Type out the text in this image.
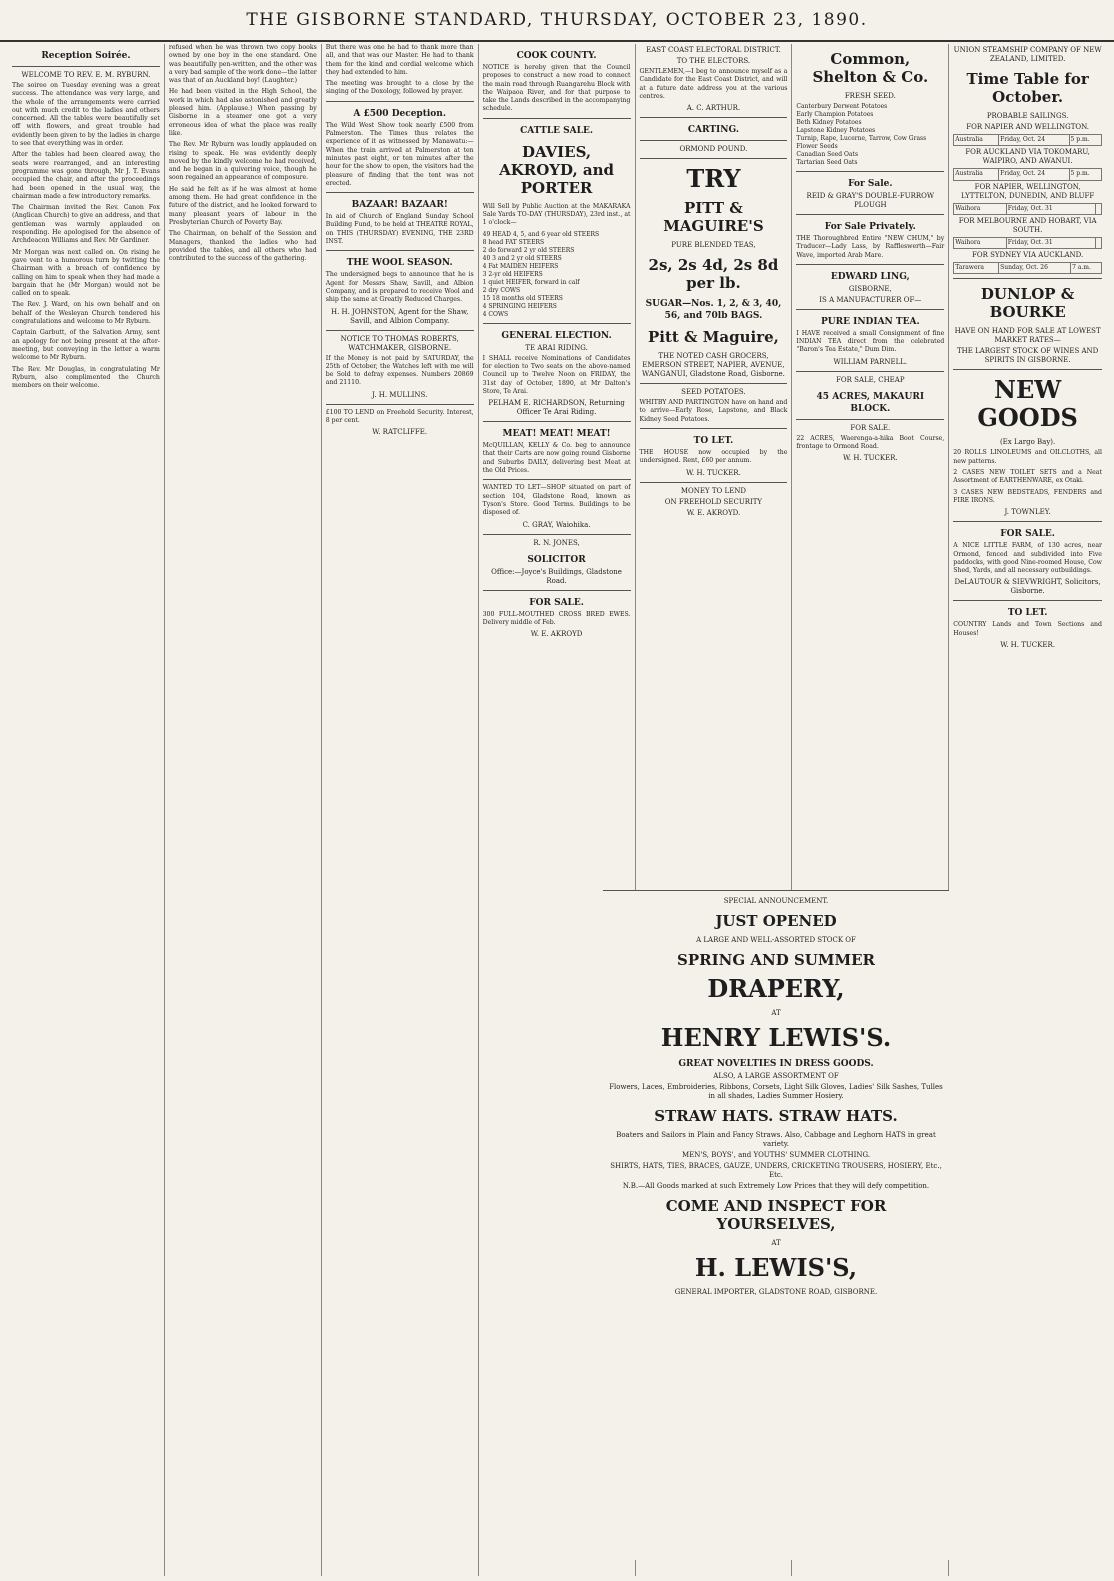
THE GISBORNE STANDARD, THURSDAY, OCTOBER 23, 1890.
Reception Soirée.
WELCOME TO REV. E. M. RYBURN.
The soiree on Tuesday evening was a great success. The attendance was very large, and the whole of the arrangements were carried out with much credit to the ladies and others concerned. All the tables were beautifully set off with flowers, and great trouble had evidently been given to by the ladies in charge to see that everything was in order.
After the tables had been cleared away, the seats were rearranged, and an interesting programme was gone through, Mr J. T. Evans occupied the chair, and after the proceedings had been opened in the usual way, the chairman made a few introductory remarks.
The Chairman invited the Rev. Canon Fox (Anglican Church) to give an address, and that gentleman was warmly applauded on responding. He apologised for the absence of Archdeacon Williams and Rev. Mr Gardiner.
Mr Morgan was next called on. On rising he gave vent to a humorous turn by twitting the Chairman with a breach of confidence by calling on him to speak when they had made a bargain that he (Mr Morgan) would not be called on to speak.
The Rev. J. Ward, on his own behalf and on behalf of the Wesleyan Church tendered his congratulations and welcome to Mr Ryburn.
Captain Garbutt, of the Salvation Army, sent an apology for not being present at the after-meeting, but conveying in the letter a warm welcome to Mr Ryburn.
The Rev. Mr Douglas, in congratulating Mr Ryburn, also complimented the Church members on their welcome.
refused when he was thrown two copy books owned by one boy in the one standard. One was beautifully pen-written, and the other was a very bad sample of the work done—the latter was that of an Auckland boy! (Laughter.)
He had been visited in the High School, the work in which had also astonished and greatly pleased him. (Applause.) When passing by Gisborne in a steamer one got a very erroneous idea of what the place was really like.
The Rev. Mr Ryburn was loudly applauded on rising to speak. He was evidently deeply moved by the kindly welcome he had received, and he began in a quivering voice, though he soon regained an appearance of composure.
He said he felt as if he was almost at home among them. He had great confidence in the future of the district, and he looked forward to many pleasant years of labour in the Presbyterian Church of Poverty Bay.
The Chairman, on behalf of the Session and Managers, thanked the ladies who had provided the tables, and all others who had contributed to the success of the gathering.
But there was one he had to thank more than all, and that was our Master. He had to thank them for the kind and cordial welcome which they had extended to him.
The meeting was brought to a close by the singing of the Doxology, followed by prayer.
A £500 Deception.
The Wild West Show took nearly £500 from Palmerston. The Times thus relates the experience of it as witnessed by Manawatu:—When the train arrived at Palmerston at ten minutes past eight, or ten minutes after the hour for the show to open, the visitors had the pleasure of finding that the tent was not erected.
BAZAAR! BAZAAR!
In aid of Church of England Sunday School Building Fund, to be held at THEATRE ROYAL, on THIS (THURSDAY) EVENING, THE 23RD INST.
THE WOOL SEASON.
The undersigned begs to announce that he is Agent for Messrs Shaw, Savill, and Albion Company, and is prepared to receive Wool and ship the same at Greatly Reduced Charges.
H. H. JOHNSTON, Agent for the Shaw, Savill, and Albion Company.
NOTICE TO THOMAS ROBERTS, WATCHMAKER, GISBORNE.
If the Money is not paid by SATURDAY, the 25th of October, the Watches left with me will be Sold to defray expenses. Numbers 20869 and 21110.
J. H. MULLINS.
£100 TO LEND on Freehold Security. Interest, 8 per cent.
W. RATCLIFFE.
COOK COUNTY.
NOTICE is hereby given that the Council proposes to construct a new road to connect the main road through Ruangarehu Block with the Waipaoa River, and for that purpose to take the Lands described in the accompanying schedule.
CATTLE SALE.
DAVIES, AKROYD, and PORTER
Will Sell by Public Auction at the MAKARAKA Sale Yards TO-DAY (THURSDAY), 23rd inst., at 1 o'clock—
49 HEAD 4, 5, and 6 year old STEERS
8 head FAT STEERS
2 do forward 2 yr old STEERS
40 3 and 2 yr old STEERS
4 Fat MAIDEN HEIFERS
3 2-yr old HEIFERS
1 quiet HEIFER, forward in calf
2 dry COWS
15 18 months old STEERS
4 SPRINGING HEIFERS
4 COWS
GENERAL ELECTION.
TE ARAI RIDING.
I SHALL receive Nominations of Candidates for election to Two seats on the above-named Council up to Twelve Noon on FRIDAY, the 31st day of October, 1890, at Mr Dalton's Store, Te Arai.
PELHAM E. RICHARDSON, Returning Officer Te Arai Riding.
MEAT! MEAT! MEAT!
McQUILLAN, KELLY & Co. beg to announce that their Carts are now going round Gisborne and Suburbs DAILY, delivering best Meat at the Old Prices.
WANTED TO LET—SHOP situated on part of section 104, Gladstone Road, known as Tyson's Store. Good Terms. Buildings to be disposed of.
C. GRAY, Waiohika.
R. N. JONES,
SOLICITOR
Office:—Joyce's Buildings, Gladstone Road.
FOR SALE.
300 FULL-MOUTHED CROSS BRED EWES. Delivery middle of Feb.
W. E. AKROYD
EAST COAST ELECTORAL DISTRICT.
TO THE ELECTORS.
GENTLEMEN,—I beg to announce myself as a Candidate for the East Coast District, and will at a future date address you at the various centres.
A. C. ARTHUR.
CARTING.
ORMOND POUND.
TRY
PITT & MAGUIRE'S
PURE BLENDED TEAS,
2s, 2s 4d, 2s 8d per lb.
SUGAR—Nos. 1, 2, & 3, 40, 56, and 70lb BAGS.
Pitt & Maguire,
THE NOTED CASH GROCERS, EMERSON STREET, NAPIER, AVENUE, WANGANUI, Gladstone Road, Gisborne.
SEED POTATOES.
WHITBY AND PARTINGTON have on hand and to arrive—Early Rose, Lapstone, and Black Kidney Seed Potatoes.
TO LET.
THE HOUSE now occupied by the undersigned. Rent, £60 per annum.
W. H. TUCKER.
MONEY TO LEND
ON FREEHOLD SECURITY
W. E. AKROYD.
Common, Shelton & Co.
FRESH SEED.
Canterbury Derwent Potatoes
Early Champion Potatoes
Beth Kidney Potatoes
Lapstone Kidney Potatoes
Turnip, Rape, Lucerne, Tarrow, Cow Grass
Flower Seeds
Canadian Seed Oats
Tartarian Seed Oats
For Sale.
REID & GRAY'S DOUBLE-FURROW PLOUGH
For Sale Privately.
THE Thoroughbred Entire "NEW CHUM," by Traducer—Lady Lass, by Raffleswerth—Fair Wave, imported Arab Mare.
EDWARD LING,
GISBORNE,
IS A MANUFACTURER OF—
PURE INDIAN TEA.
I HAVE received a small Consignment of fine INDIAN TEA direct from the celebrated "Baron's Tea Estate," Dum Dim.
WILLIAM PARNELL.
FOR SALE, CHEAP
45 ACRES, MAKAURI BLOCK.
FOR SALE.
22 ACRES, Waerenga-a-hika Boot Course, frontage to Ormond Road.
W. H. TUCKER.
UNION STEAMSHIP COMPANY OF NEW ZEALAND, LIMITED.
Time Table for October.
PROBABLE SAILINGS.
FOR NAPIER AND WELLINGTON.
Australia	Friday, Oct. 24	5 p.m.
FOR AUCKLAND VIA TOKOMARU, WAIPIRO, AND AWANUI.
Australia	Friday, Oct. 24	5 p.m.
FOR NAPIER, WELLINGTON, LYTTELTON, DUNEDIN, AND BLUFF
Waihora	Friday, Oct. 31	
FOR MELBOURNE AND HOBART, VIA SOUTH.
Waihora	Friday, Oct. 31	
FOR SYDNEY VIA AUCKLAND.
Tarawera	Sunday, Oct. 26	7 a.m.
DUNLOP & BOURKE
HAVE ON HAND FOR SALE AT LOWEST MARKET RATES—
THE LARGEST STOCK OF WINES AND SPIRITS IN GISBORNE.
NEW GOODS
(Ex Largo Bay).
20 ROLLS LINOLEUMS and OILCLOTHS, all new patterns.
2 CASES NEW TOILET SETS and a Neat Assortment of EARTHENWARE, ex Otaki.
3 CASES NEW BEDSTEADS, FENDERS and FIRE IRONS.
J. TOWNLEY.
FOR SALE.
A NICE LITTLE FARM, of 130 acres, near Ormond, fenced and subdivided into Five paddocks, with good Nine-roomed House, Cow Shed, Yards, and all necessary outbuildings.
DeLAUTOUR & SIEVWRIGHT, Solicitors, Gisborne.
TO LET.
COUNTRY Lands and Town Sections and Houses!
W. H. TUCKER.
SPECIAL ANNOUNCEMENT.
JUST OPENED
A LARGE AND WELL-ASSORTED STOCK OF
SPRING AND SUMMER
DRAPERY,
AT
HENRY LEWIS'S.
GREAT NOVELTIES IN DRESS GOODS.
ALSO, A LARGE ASSORTMENT OF
Flowers, Laces, Embroideries, Ribbons, Corsets, Light Silk Gloves, Ladies' Silk Sashes, Tulles in all shades, Ladies Summer Hosiery.
STRAW HATS. STRAW HATS.
Boaters and Sailors in Plain and Fancy Straws. Also, Cabbage and Leghorn HATS in great variety.
MEN'S, BOYS', and YOUTHS' SUMMER CLOTHING.
SHIRTS, HATS, TIES, BRACES, GAUZE, UNDERS, CRICKETING TROUSERS, HOSIERY, Etc., Etc.
N.B.—All Goods marked at such Extremely Low Prices that they will defy competition.
COME AND INSPECT FOR YOURSELVES,
AT
H. LEWIS'S,
GENERAL IMPORTER, GLADSTONE ROAD, GISBORNE.
